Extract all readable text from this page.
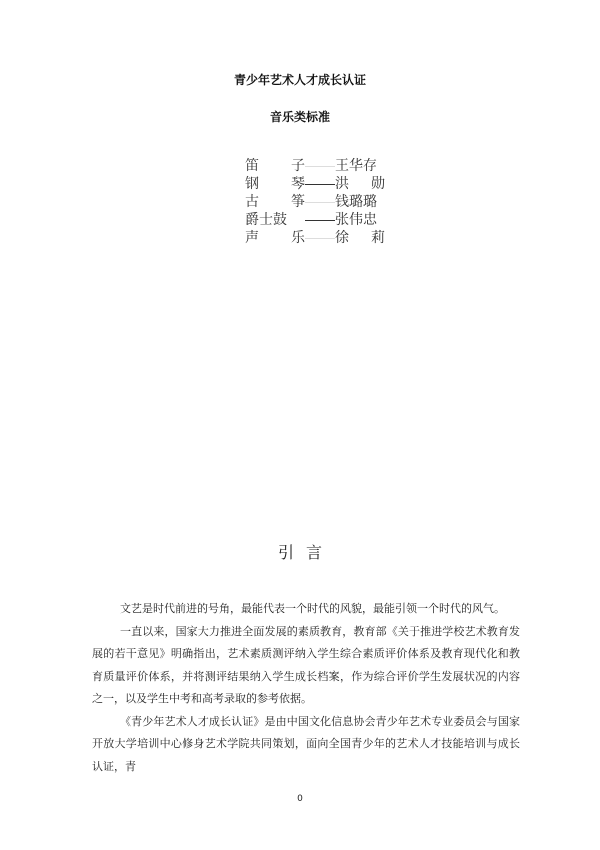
青少年艺术人才成长认证
音乐类标准
笛 子 王华存
钢 琴 洪 勋
古 筝 钱璐璐
爵士鼓	张伟忠
声 乐 徐 莉
引言

文艺是时代前进的号角，最能代表一个时代的风貌，最能引领一个时代的风气。

一直以来，国家大力推进全面发展的素质教育，教育部《关于推进学校艺术教育发展的若干意见》明确指出，艺术素质测评纳入学生综合素质评价体系及教育现代化和教育质量评价体系，并将测评结果纳入学生成长档案，作为综合评价学生发展状况的内容之一，以及学生中考和高考录取的参考依据。

《青少年艺术人才成长认证》是由中国文化信息协会青少年艺术专业委员会与国家开放大学培训中心修身艺术学院共同策划，面向全国青少年的艺术人才技能培训与成长认证，青

0
